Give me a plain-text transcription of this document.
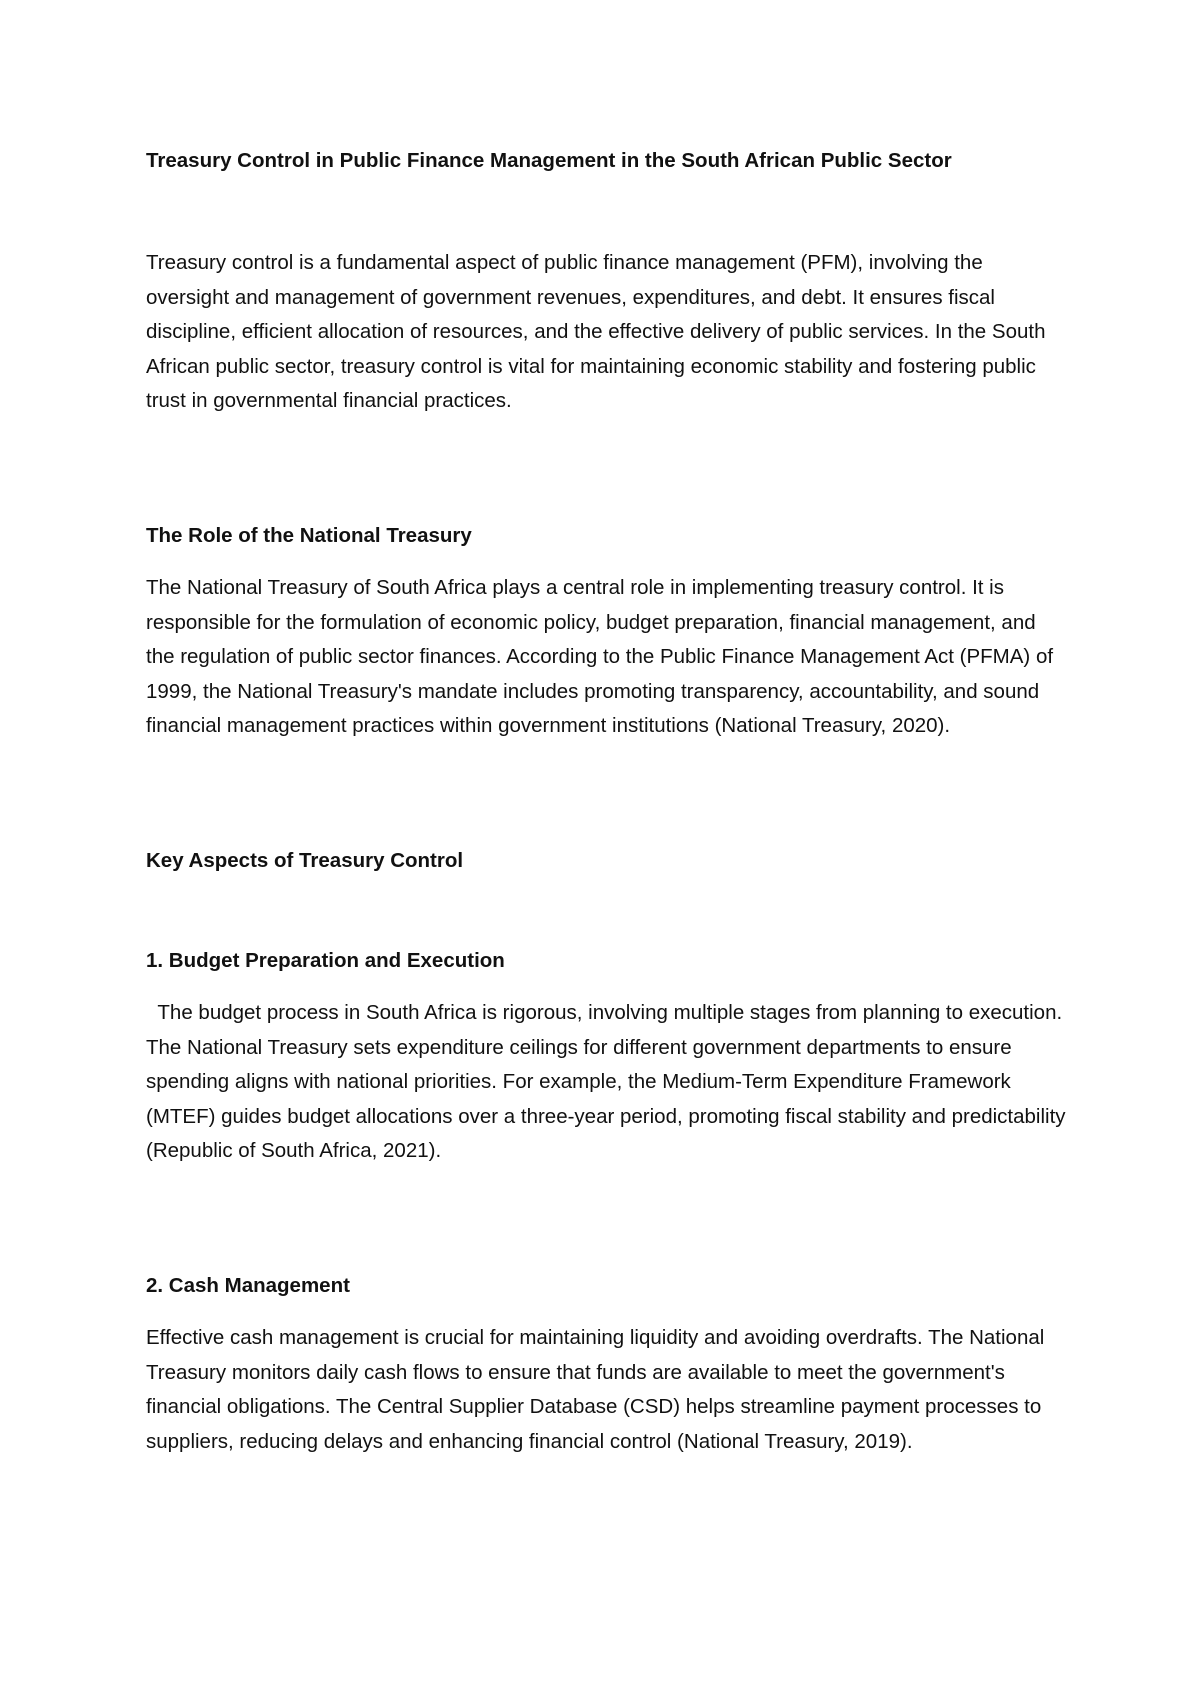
Treasury Control in Public Finance Management in the South African Public Sector

Treasury control is a fundamental aspect of public finance management (PFM), involving the oversight and management of government revenues, expenditures, and debt. It ensures fiscal discipline, efficient allocation of resources, and the effective delivery of public services. In the South African public sector, treasury control is vital for maintaining economic stability and fostering public trust in governmental financial practices.

The Role of the National Treasury

The National Treasury of South Africa plays a central role in implementing treasury control. It is responsible for the formulation of economic policy, budget preparation, financial management, and the regulation of public sector finances. According to the Public Finance Management Act (PFMA) of 1999, the National Treasury's mandate includes promoting transparency, accountability, and sound financial management practices within government institutions (National Treasury, 2020).

Key Aspects of Treasury Control
1. Budget Preparation and Execution

The budget process in South Africa is rigorous, involving multiple stages from planning to execution. The National Treasury sets expenditure ceilings for different government departments to ensure spending aligns with national priorities. For example, the Medium-Term Expenditure Framework (MTEF) guides budget allocations over a three-year period, promoting fiscal stability and predictability (Republic of South Africa, 2021).

2. Cash Management

Effective cash management is crucial for maintaining liquidity and avoiding overdrafts. The National Treasury monitors daily cash flows to ensure that funds are available to meet the government's financial obligations. The Central Supplier Database (CSD) helps streamline payment processes to suppliers, reducing delays and enhancing financial control (National Treasury, 2019).
